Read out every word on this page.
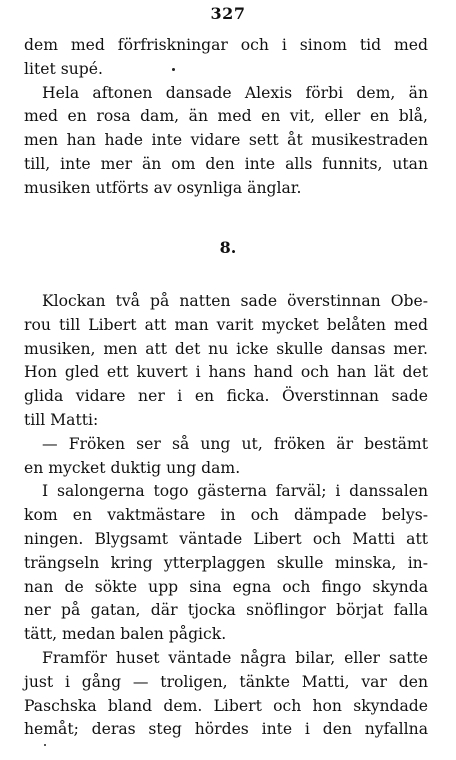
327
dem med förfriskningar och i sinom tid med
litet supé.
Hela aftonen dansade Alexis förbi dem, än
med en rosa dam, än med en vit, eller en blå,
men han hade inte vidare sett åt musikestraden
till, inte mer än om den inte alls funnits, utan
musiken utförts av osynliga änglar.
8.
Klockan två på natten sade överstinnan Obe-
rou till Libert att man varit mycket belåten med
musiken, men att det nu icke skulle dansas mer.
Hon gled ett kuvert i hans hand och han lät det
glida vidare ner i en ficka. Överstinnan sade
till Matti:
— Fröken ser så ung ut, fröken är bestämt
en mycket duktig ung dam.
I salongerna togo gästerna farväl; i danssalen
kom en vaktmästare in och dämpade belys-
ningen. Blygsamt väntade Libert och Matti att
trängseln kring ytterplaggen skulle minska, in-
nan de sökte upp sina egna och fingo skynda
ner på gatan, där tjocka snöflingor börjat falla
tätt, medan balen pågick.
Framför huset väntade några bilar, eller satte
just i gång — troligen, tänkte Matti, var den
Paschska bland dem. Libert och hon skyndade
hemåt; deras steg hördes inte i den nyfallna
